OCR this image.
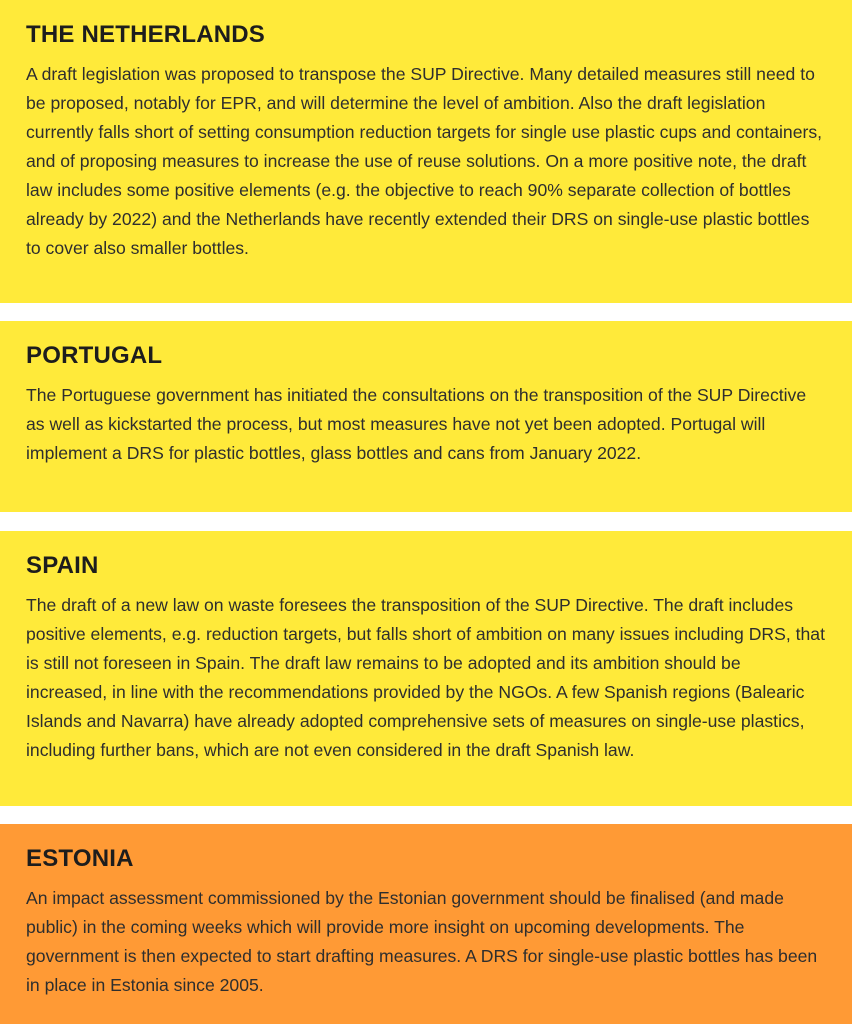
THE NETHERLANDS

A draft legislation was proposed to transpose the SUP Directive. Many detailed measures still need to be proposed, notably for EPR, and will determine the level of ambition. Also the draft legislation currently falls short of setting consumption reduction targets for single use plastic cups and containers, and of proposing measures to increase the use of reuse solutions. On a more positive note, the draft law includes some positive elements (e.g. the objective to reach 90% separate collection of bottles already by 2022) and the Netherlands have recently extended their DRS on single-use plastic bottles to cover also smaller bottles.

PORTUGAL

The Portuguese government has initiated the consultations on the transposition of the SUP Directive as well as kickstarted the process, but most measures have not yet been adopted. Portugal will implement a DRS for plastic bottles, glass bottles and cans from January 2022.

SPAIN

The draft of a new law on waste foresees the transposition of the SUP Directive. The draft includes positive elements, e.g. reduction targets, but falls short of ambition on many issues including DRS, that is still not foreseen in Spain. The draft law remains to be adopted and its ambition should be increased, in line with the recommendations provided by the NGOs. A few Spanish regions (Balearic Islands and Navarra) have already adopted comprehensive sets of measures on single-use plastics, including further bans, which are not even considered in the draft Spanish law.

ESTONIA

An impact assessment commissioned by the Estonian government should be finalised (and made public) in the coming weeks which will provide more insight on upcoming developments. The government is then expected to start drafting measures. A DRS for single-use plastic bottles has been in place in Estonia since 2005.
